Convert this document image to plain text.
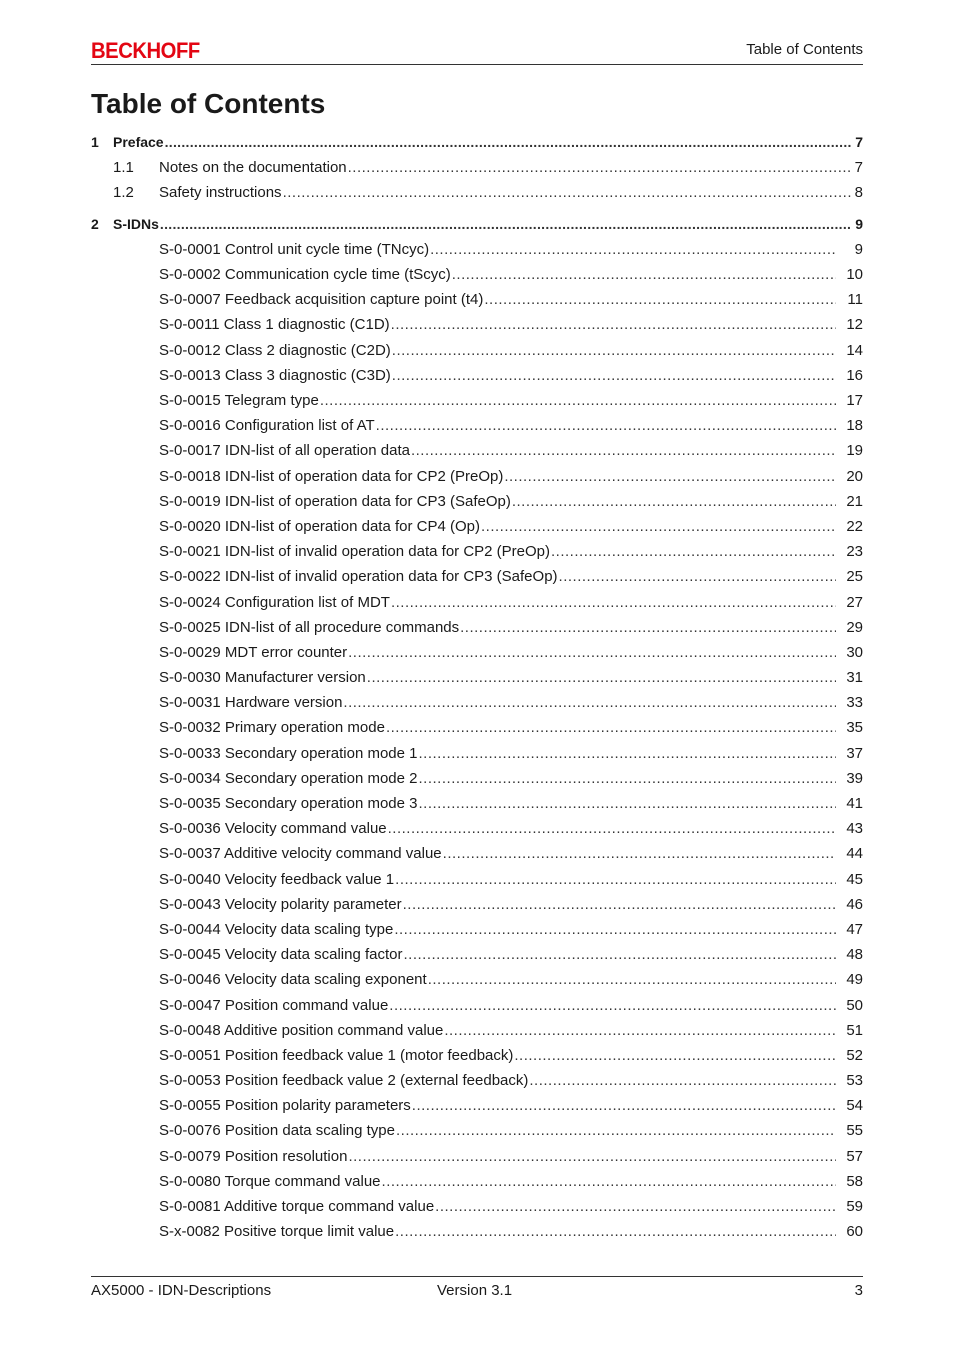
BECKHOFF	Table of Contents
Table of Contents
1	Preface .....	7
1.1 Notes on the documentation .....	7
1.2 Safety instructions .....	8
2	S-IDNs .....	9
S-0-0001 Control unit cycle time (TNcyc) .....	9
S-0-0002 Communication cycle time (tScyc) .....	10
S-0-0007 Feedback acquisition capture point (t4) .....	11
S-0-0011 Class 1 diagnostic (C1D) .....	12
S-0-0012 Class 2 diagnostic (C2D) .....	14
S-0-0013 Class 3 diagnostic (C3D) .....	16
S-0-0015 Telegram type .....	17
S-0-0016 Configuration list of AT .....	18
S-0-0017 IDN-list of all operation data .....	19
S-0-0018 IDN-list of operation data for CP2 (PreOp) .....	20
S-0-0019 IDN-list of operation data for CP3 (SafeOp) .....	21
S-0-0020 IDN-list of operation data for CP4 (Op) .....	22
S-0-0021 IDN-list of invalid operation data for CP2 (PreOp) .....	23
S-0-0022 IDN-list of invalid operation data for CP3 (SafeOp) .....	25
S-0-0024 Configuration list of MDT .....	27
S-0-0025 IDN-list of all procedure commands .....	29
S-0-0029 MDT error counter .....	30
S-0-0030 Manufacturer version .....	31
S-0-0031 Hardware version .....	33
S-0-0032 Primary operation mode .....	35
S-0-0033 Secondary operation mode 1 .....	37
S-0-0034 Secondary operation mode 2 .....	39
S-0-0035 Secondary operation mode 3 .....	41
S-0-0036 Velocity command value .....	43
S-0-0037 Additive velocity command value .....	44
S-0-0040 Velocity feedback value 1 .....	45
S-0-0043 Velocity polarity parameter .....	46
S-0-0044 Velocity data scaling type .....	47
S-0-0045 Velocity data scaling factor .....	48
S-0-0046 Velocity data scaling exponent .....	49
S-0-0047 Position command value .....	50
S-0-0048 Additive position command value .....	51
S-0-0051 Position feedback value 1 (motor feedback) .....	52
S-0-0053 Position feedback value 2 (external feedback) .....	53
S-0-0055 Position polarity parameters .....	54
S-0-0076 Position data scaling type .....	55
S-0-0079 Position resolution .....	57
S-0-0080 Torque command value .....	58
S-0-0081 Additive torque command value .....	59
S-x-0082 Positive torque limit value .....	60
AX5000 - IDN-Descriptions	Version 3.1	3
